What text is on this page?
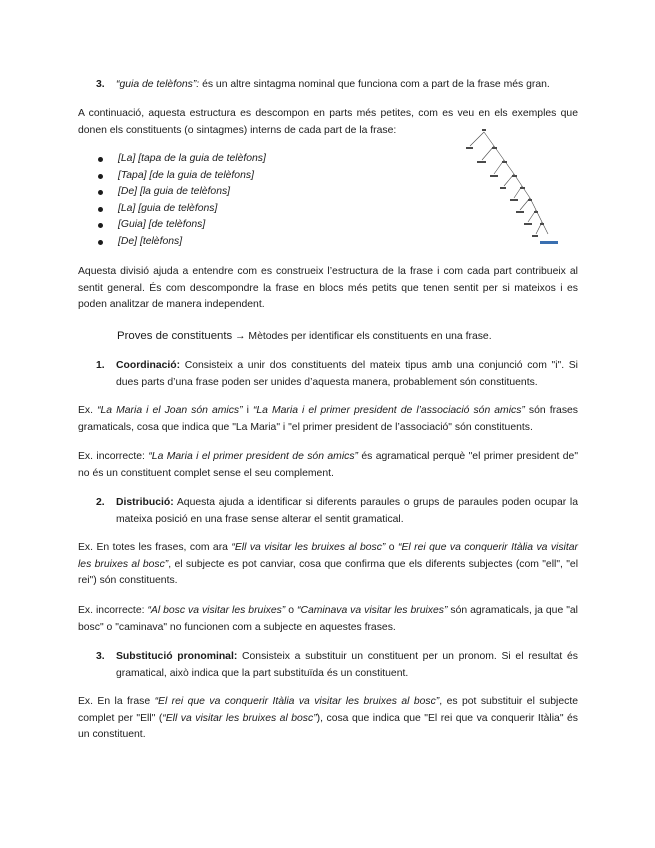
3. “guia de telèfons”: és un altre sintagma nominal que funciona com a part de la frase més gran.

A continuació, aquesta estructura es descompon en parts més petites, com es veu en els exemples que donen els constituents (o sintagmes) interns de cada part de la frase:

[La] [tapa de la guia de telèfons]
[Tapa] [de la guia de telèfons]
[De] [la guia de telèfons]
[La] [guia de telèfons]
[Guia] [de telèfons]
[De] [telèfons]

Aquesta divisió ajuda a entendre com es construeix l’estructura de la frase i com cada part contribueix al sentit general. És com descompondre la frase en blocs més petits que tenen sentit per si mateixos i es poden analitzar de manera independent.

Proves de constituents → Mètodes per identificar els constituents en una frase.

1. Coordinació: Consisteix a unir dos constituents del mateix tipus amb una conjunció com "i". Si dues parts d’una frase poden ser unides d’aquesta manera, probablement són constituents.

Ex. “La Maria i el Joan són amics” i “La Maria i el primer president de l’associació són amics” són frases gramaticals, cosa que indica que "La Maria" i "el primer president de l’associació" són constituents.

Ex. incorrecte: “La Maria i el primer president de són amics” és agramatical perquè "el primer president de" no és un constituent complet sense el seu complement.

2. Distribució: Aquesta ajuda a identificar si diferents paraules o grups de paraules poden ocupar la mateixa posició en una frase sense alterar el sentit gramatical.

Ex. En totes les frases, com ara “Ell va visitar les bruixes al bosc” o “El rei que va conquerir Itàlia va visitar les bruixes al bosc”, el subjecte es pot canviar, cosa que confirma que els diferents subjectes (com "ell", "el rei") són constituents.

Ex. incorrecte: “Al bosc va visitar les bruixes” o “Caminava va visitar les bruixes” són agramaticals, ja que "al bosc" o "caminava" no funcionen com a subjecte en aquestes frases.

3. Substitució pronominal: Consisteix a substituir un constituent per un pronom. Si el resultat és gramatical, això indica que la part substituïda és un constituent.

Ex. En la frase “El rei que va conquerir Itàlia va visitar les bruixes al bosc”, es pot substituir el subjecte complet per "Ell" (“Ell va visitar les bruixes al bosc”), cosa que indica que "El rei que va conquerir Itàlia" és un constituent.
